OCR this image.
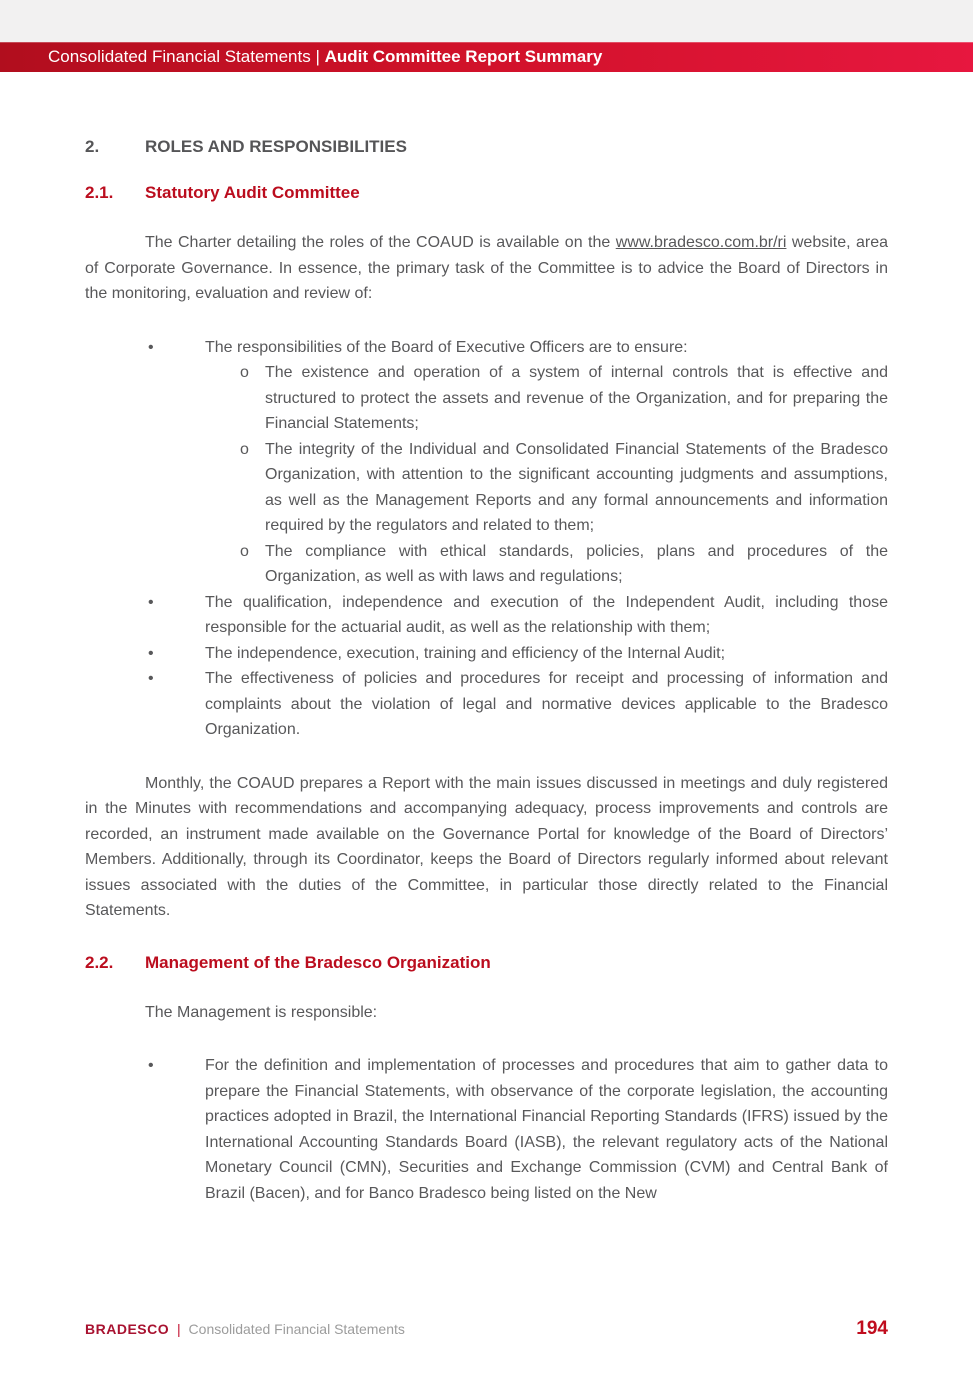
Consolidated Financial Statements | Audit Committee Report Summary
2.	ROLES AND RESPONSIBILITIES
2.1.	Statutory Audit Committee

The Charter detailing the roles of the COAUD is available on the www.bradesco.com.br/ri website, area of Corporate Governance. In essence, the primary task of the Committee is to advice the Board of Directors in the monitoring, evaluation and review of:

•	The responsibilities of the Board of Executive Officers are to ensure:
o	The existence and operation of a system of internal controls that is effective and structured to protect the assets and revenue of the Organization, and for preparing the Financial Statements;
o	The integrity of the Individual and Consolidated Financial Statements of the Bradesco Organization, with attention to the significant accounting judgments and assumptions, as well as the Management Reports and any formal announcements and information required by the regulators and related to them;
o	The compliance with ethical standards, policies, plans and procedures of the Organization, as well as with laws and regulations;
•	The qualification, independence and execution of the Independent Audit, including those responsible for the actuarial audit, as well as the relationship with them;
•	The independence, execution, training and efficiency of the Internal Audit;
•	The effectiveness of policies and procedures for receipt and processing of information and complaints about the violation of legal and normative devices applicable to the Bradesco Organization.

Monthly, the COAUD prepares a Report with the main issues discussed in meetings and duly registered in the Minutes with recommendations and accompanying adequacy, process improvements and controls are recorded, an instrument made available on the Governance Portal for knowledge of the Board of Directors’ Members. Additionally, through its Coordinator, keeps the Board of Directors regularly informed about relevant issues associated with the duties of the Committee, in particular those directly related to the Financial Statements.

2.2.	Management of the Bradesco Organization

The Management is responsible:

•	For the definition and implementation of processes and procedures that aim to gather data to prepare the Financial Statements, with observance of the corporate legislation, the accounting practices adopted in Brazil, the International Financial Reporting Standards (IFRS) issued by the International Accounting Standards Board (IASB), the relevant regulatory acts of the National Monetary Council (CMN), Securities and Exchange Commission (CVM) and Central Bank of Brazil (Bacen), and for Banco Bradesco being listed on the New
BRADESCO | Consolidated Financial Statements	194
